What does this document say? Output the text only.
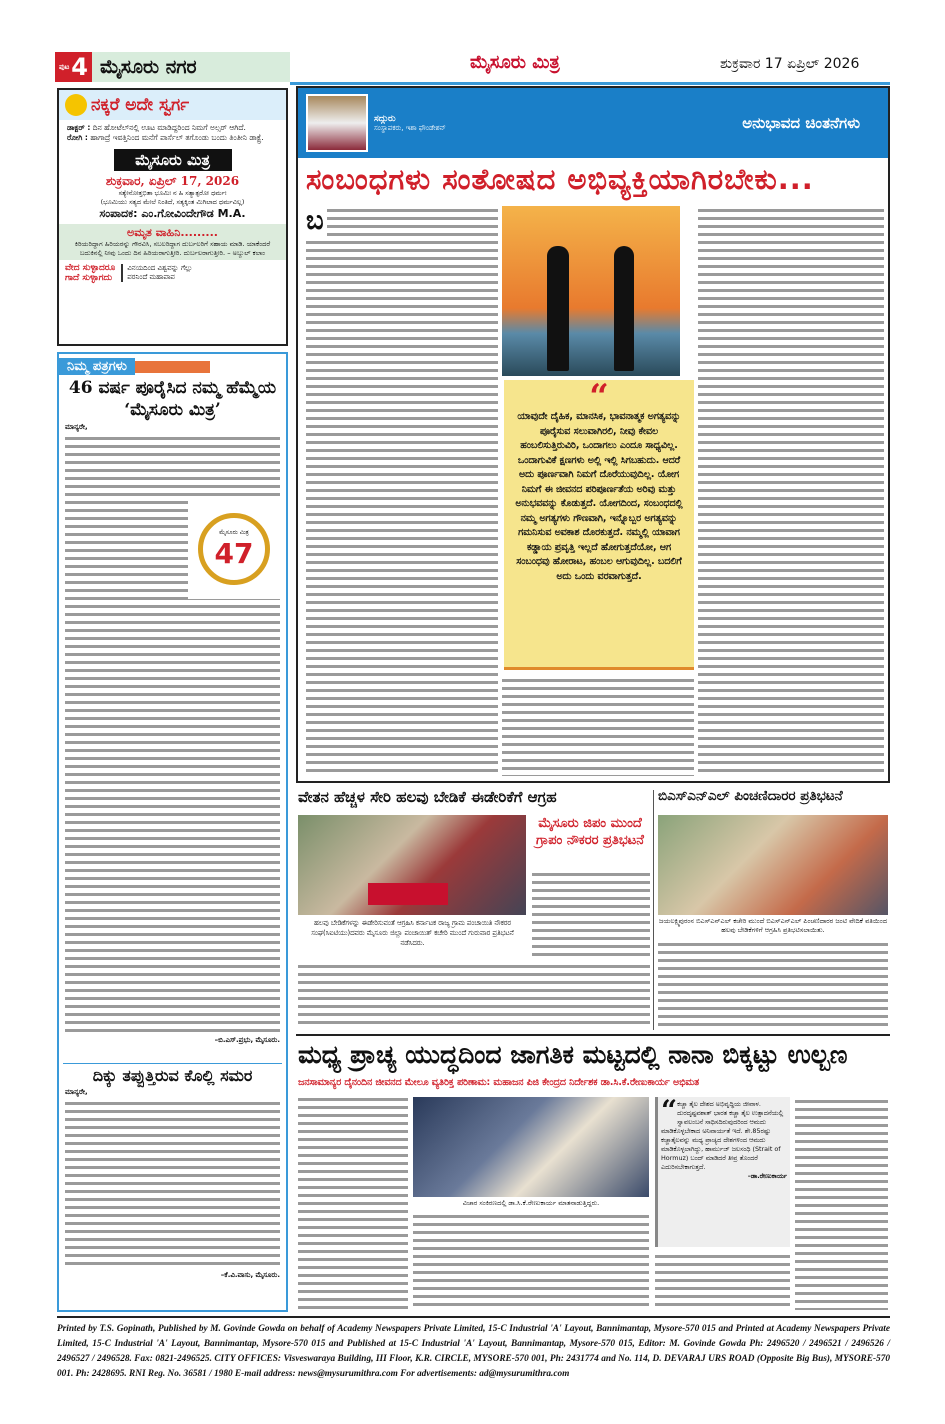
ಪುಟ 4 ಮೈಸೂರು ನಗರ	ಮೈಸೂರು ಮಿತ್ರ	ಶುಕ್ರವಾರ 17 ಏಪ್ರಿಲ್ 2026
ನಕ್ಕರೆ ಅದೇ ಸ್ವರ್ಗ
ಡಾಕ್ಟರ್ : ದಿನ ಹೋಟೆಲ್‌ನಲ್ಲಿ ಊಟ ಮಾಡಿದ್ದರಿಂದ ನಿಮಗೆ ಅಲ್ಸರ್ ಆಗಿದೆ.
ರೋಗಿ : ಹಾಗಾದ್ರೆ ಇವತ್ತಿನಿಂದ ಮನೆಗೆ ಪಾರ್ಸೆಲ್ ತಗೊಂಡು ಬಂದು ತಿಂತೀನಿ ಡಾಕ್ಟ್ರೆ.
ಮೈಸೂರು ಮಿತ್ರ
ಶುಕ್ರವಾರ, ಏಪ್ರಿಲ್ 17, 2026
ಸತ್ಯೇನೋತ್ತಭಿತಾ ಭೂಮಿಃ ನ ಹಿ ಸತ್ಯಾತ್ಪರೋ ಧರ್ಮಃ
(ಭೂಮಿಯು ಸತ್ಯದ ಮೇಲೆ ನಿಂತಿದೆ, ಸತ್ಯಕ್ಕಿಂತ ಮಿಗಿಲಾದ ಧರ್ಮವಿಲ್ಲ)
ಸಂಪಾದಕ: ಎಂ.ಗೋವಿಂದೇಗೌಡ M.A.
ಅಮೃತ ವಾಹಿನಿ.........
ಕಿರಿಯರಿದ್ದಾಗ ಹಿರಿಯರನ್ನು ಗೌರವಿಸಿ, ಸಬಲರಿದ್ದಾಗ ದುರ್ಬಲರಿಗೆ ಸಹಾಯ ಮಾಡಿ. ಯಾಕೆಂದರೆ ಬದುಕಿನಲ್ಲಿ ನೀವು ಒಂದು ದಿನ ಹಿರಿಯರಾಗುತ್ತೀರಿ. ದುರ್ಬಲರಾಗುತ್ತೀರಿ. – ಅಬ್ದುಲ್ ಕಲಾಂ
ವೇದ ಸುಳ್ಳಾದರೂ
ಗಾದೆ ಸುಳ್ಳಾಗದು
ವಿನಯದಿಂದ ವಿಶ್ವವನ್ನು ಗೆಲ್ಲು
ಪರನಿಂದೆ ಮಹಾಪಾಪ
ನಿಮ್ಮ ಪತ್ರಗಳು
46 ವರ್ಷ ಪೂರೈಸಿದ ನಮ್ಮ ಹೆಮ್ಮೆಯ ‘ಮೈಸೂರು ಮಿತ್ರ’
ಮಾನ್ಯರೇ,
ಮೈಸೂರು ಮಿತ್ರ
47
–ಬಿ.ಎಸ್.ಪ್ರಭು, ಮೈಸೂರು.
ದಿಕ್ಕು ತಪ್ಪುತ್ತಿರುವ ಕೊಲ್ಲಿ ಸಮರ
ಮಾನ್ಯರೇ,
–ಕೆ.ವಿ.ವಾಸು, ಮೈಸೂರು.
ಸದ್ಗುರು
ಸಂಸ್ಥಾಪಕರು, ಇಶಾ ಫೌಂಡೇಶನ್	ಅನುಭಾವದ ಚಿಂತನೆಗಳು
ಸಂಬಂಧಗಳು ಸಂತೋಷದ ಅಭಿವ್ಯಕ್ತಿಯಾಗಿರಬೇಕು...
ಬ
“
ಯಾವುದೇ ದೈಹಿಕ, ಮಾನಸಿಕ, ಭಾವನಾತ್ಮಕ ಅಗತ್ಯವನ್ನು ಪೂರೈಸುವ ಸಲುವಾಗಿರಲಿ, ನೀವು ಕೇವಲ ಹಂಬಲಿಸುತ್ತಿರುವಿರಿ, ಒಂದಾಗಲು ಎಂದೂ ಸಾಧ್ಯವಿಲ್ಲ. ಒಂದಾಗುವಿಕೆ ಕ್ಷಣಗಳು ಅಲ್ಲಿ ಇಲ್ಲಿ ಸಿಗಬಹುದು. ಆದರೆ ಅದು ಪೂರ್ಣವಾಗಿ ನಿಮಗೆ ದೊರೆಯುವುದಿಲ್ಲ. ಯೋಗ ನಿಮಗೆ ಈ ಜೀವನದ ಪರಿಪೂರ್ಣತೆಯ ಅರಿವು ಮತ್ತು ಅನುಭವವನ್ನು ಕೊಡುತ್ತದೆ. ಯೋಗದಿಂದ, ಸಂಬಂಧದಲ್ಲಿ ನಮ್ಮ ಅಗತ್ಯಗಳು ಗೌಣವಾಗಿ, ಇನ್ನೊಬ್ಬರ ಅಗತ್ಯವನ್ನು ಗಮನಿಸುವ ಅವಕಾಶ ದೊರಕುತ್ತದೆ. ನಮ್ಮಲ್ಲಿ ಯಾವಾಗ ಕಡ್ಡಾಯ ಪ್ರವೃತ್ತಿ ಇಲ್ಲದೆ ಹೋಗುತ್ತದೆಯೋ, ಆಗ ಸಂಬಂಧವು ಹೋರಾಟ, ಹಂಬಲ ಆಗುವುದಿಲ್ಲ. ಬದಲಿಗೆ ಅದು ಒಂದು ವರವಾಗುತ್ತದೆ.
ವೇತನ ಹೆಚ್ಚಳ ಸೇರಿ ಹಲವು ಬೇಡಿಕೆ ಈಡೇರಿಕೆಗೆ ಆಗ್ರಹ
ಮೈಸೂರು ಜಿಪಂ ಮುಂದೆ ಗ್ರಾಪಂ ನೌಕರರ ಪ್ರತಿಭಟನೆ
ಹಲವು ಬೇಡಿಕೆಗಳನ್ನು ಈಡೇರಿಸುವಂತೆ ಆಗ್ರಹಿಸಿ ಕರ್ನಾಟಕ ರಾಜ್ಯ ಗ್ರಾಮ ಪಂಚಾಯಿತಿ ನೌಕರರ ಸಂಘ(ಸಿಐಟಿಯು)ದವರು ಮೈಸೂರು ಜಿಲ್ಲಾ ಪಂಚಾಯಿತ್ ಕಚೇರಿ ಮುಂದೆ ಗುರುವಾರ ಪ್ರತಿಭಟನೆ ನಡೆಸಿದರು.
ಬಿಎಸ್‌ಎನ್‌ಎಲ್ ಪಿಂಚಣಿದಾರರ ಪ್ರತಿಭಟನೆ
ಜಯಲಕ್ಷ್ಮಿಪುರಂನ ಬಿಎಸ್‌ಎನ್‌ಎಲ್ ಕಚೇರಿ ಮುಂದೆ ಬಿಎಸ್‌ಎನ್‌ಎಲ್ ಪಿಂಚಣಿದಾರರ ಜಂಟಿ ವೇದಿಕೆ ವತಿಯಿಂದ ಹಲವು ಬೇಡಿಕೆಗಳಿಗೆ ಆಗ್ರಹಿಸಿ ಪ್ರತಿಭಟಿಸಲಾಯಿತು.
ಮಧ್ಯ ಪ್ರಾಚ್ಯ ಯುದ್ಧದಿಂದ ಜಾಗತಿಕ ಮಟ್ಟದಲ್ಲಿ ನಾನಾ ಬಿಕ್ಕಟ್ಟು ಉಲ್ಬಣ
ಜನಸಾಮಾನ್ಯರ ದೈನಂದಿನ ಜೀವನದ ಮೇಲೂ ವ್ಯತಿರಿಕ್ತ ಪರಿಣಾಮ: ಮಹಾಜನ ಪಿಜಿ ಕೇಂದ್ರದ ನಿರ್ದೇಶಕ ಡಾ.ಸಿ.ಕೆ.ರೇಣುಕಾರ್ಯ ಅಭಿಮತ
ವಿಚಾರ ಸಂಕಿರಣದಲ್ಲಿ ಡಾ.ಸಿ.ಕೆ.ರೇಣುಕಾರ್ಯ ಮಾತನಾಡುತ್ತಿದ್ದರು.
“ ಕಚ್ಚಾ ತೈಲ ದೇಶದ ಅಭಿವೃದ್ಧಿಯ ಜೀವಾಳ. ದುರದೃಷ್ಟವಶಾತ್ ಭಾರತ ಕಚ್ಚಾ ತೈಲ ಉತ್ಪಾದನೆಯಲ್ಲಿ ಸ್ವಾವಲಂಬನೆ ಸಾಧಿಸದಿರುವುದರಿಂದ ಆಮದು ಮಾಡಿಕೊಳ್ಳಬೇಕಾದ ಅನಿವಾರ್ಯತೆ ಇದೆ. ಶೇ.85ರಷ್ಟು ಕಚ್ಚಾತೈಲವನ್ನು ಮಧ್ಯ ಪ್ರಾಚ್ಯದ ದೇಶಗಳಿಂದ ಆಮದು ಮಾಡಿಕೊಳ್ಳಲಾಗಿದ್ದು, ಹಾರ್ಮುಜ್ ಜಲಸಂಧಿ (Strait of Hormuz) ಬಂದ್ ಮಾಡಿದರೆ ತೀವ್ರ ತೊಂದರೆ ಎದುರಿಸಬೇಕಾಗುತ್ತದೆ.
–ಡಾ.ರೇಣುಕಾರ್ಯ
Printed by T.S. Gopinath, Published by M. Govinde Gowda on behalf of Academy Newspapers Private Limited, 15-C Industrial 'A' Layout, Bannimantap, Mysore-570 015 and Printed at Academy Newspapers Private Limited, 15-C Industrial 'A' Layout, Bannimantap, Mysore-570 015 and Published at 15-C Industrial 'A' Layout, Bannimantap, Mysore-570 015, Editor: M. Govinde Gowda Ph: 2496520 / 2496521 / 2496526 / 2496527 / 2496528. Fax: 0821-2496525. CITY OFFICES: Visveswaraya Building, III Floor, K.R. CIRCLE, MYSORE-570 001, Ph: 2431774 and No. 114, D. DEVARAJ URS ROAD (Opposite Big Bus), MYSORE-570 001. Ph: 2428695. RNI Reg. No. 36581 / 1980 E-mail address: news@mysurumithra.com For advertisements: ad@mysurumithra.com
